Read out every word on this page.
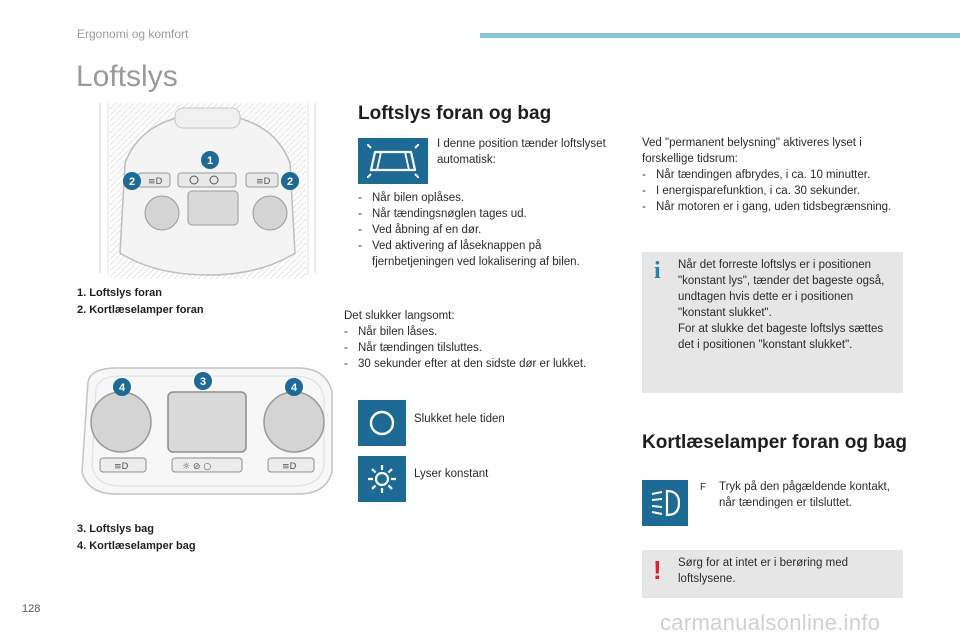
Ergonomi og komfort
Loftslys
≡D	≡D
1
2	2
1. Loftslys foran
2. Kortlæselamper foran
≡D	☼ ⊘ ○	≡D
3
4	4
3. Loftslys bag
4. Kortlæselamper bag
Loftslys foran og bag
I denne position tænder loftslyset automatisk:
- Når bilen oplåses.
- Når tændingsnøglen tages ud.
- Ved åbning af en dør.
- Ved aktivering af låseknappen på fjernbetjeningen ved lokalisering af bilen.
Det slukker langsomt:
- Når bilen låses.
- Når tændingen tilsluttes.
- 30 sekunder efter at den sidste dør er lukket.
Slukket hele tiden
Lyser konstant
Ved "permanent belysning" aktiveres lyset i forskellige tidsrum:
- Når tændingen afbrydes, i ca. 10 minutter.
- I energisparefunktion, i ca. 30 sekunder.
- Når motoren er i gang, uden tidsbegrænsning.
i Når det forreste loftslys er i positionen "konstant lys", tænder det bageste også, undtagen hvis dette er i positionen "konstant slukket".
For at slukke det bageste loftslys sættes det i positionen "konstant slukket".
Kortlæselamper foran og bag
F Tryk på den pågældende kontakt, når tændingen er tilsluttet.
! Sørg for at intet er i berøring med loftslysene.
128
carmanualsonline.info
